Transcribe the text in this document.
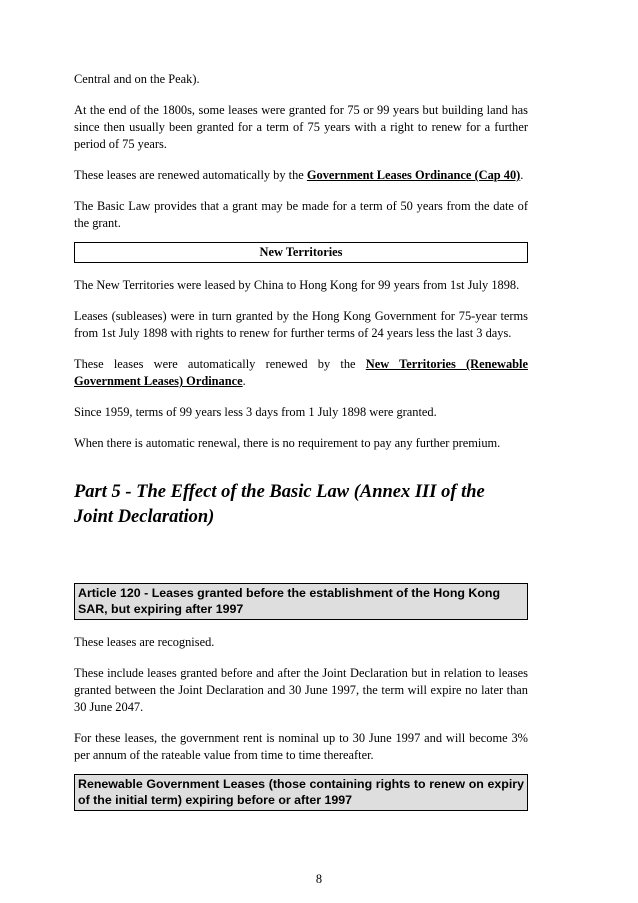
Central and on the Peak).

At the end of the 1800s, some leases were granted for 75 or 99 years but building land has since then usually been granted for a term of 75 years with a right to renew for a further period of 75 years.

These leases are renewed automatically by the Government Leases Ordinance (Cap 40).

The Basic Law provides that a grant may be made for a term of 50 years from the date of the grant.

New Territories

The New Territories were leased by China to Hong Kong for 99 years from 1st July 1898.

Leases (subleases) were in turn granted by the Hong Kong Government for 75-year terms from 1st July 1898 with rights to renew for further terms of 24 years less the last 3 days.

These leases were automatically renewed by the New Territories (Renewable Government Leases) Ordinance.

Since 1959, terms of 99 years less 3 days from 1 July 1898 were granted.

When there is automatic renewal, there is no requirement to pay any further premium.

Part 5 - The Effect of the Basic Law (Annex III of the Joint Declaration)
Article 120 - Leases granted before the establishment of the Hong Kong SAR, but expiring after 1997

These leases are recognised.

These include leases granted before and after the Joint Declaration but in relation to leases granted between the Joint Declaration and 30 June 1997, the term will expire no later than 30 June 2047.

For these leases, the government rent is nominal up to 30 June 1997 and will become 3% per annum of the rateable value from time to time thereafter.

Renewable Government Leases (those containing rights to renew on expiry of the initial term) expiring before or after 1997
8
